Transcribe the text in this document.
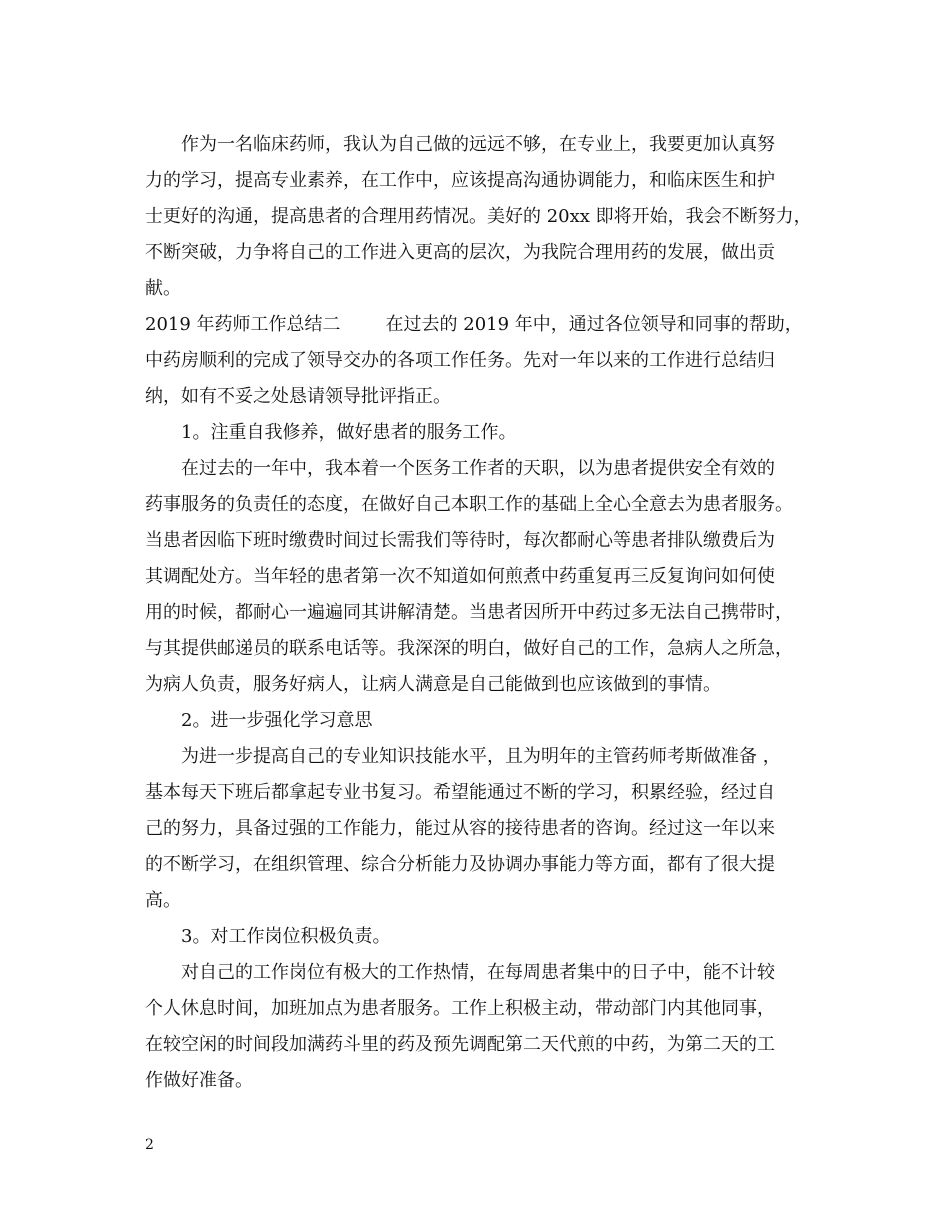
作为一名临床药师，我认为自己做的远远不够，在专业上，我要更加认真努
力的学习，提高专业素养，在工作中，应该提高沟通协调能力，和临床医生和护
士更好的沟通，提高患者的合理用药情况。美好的 20xx 即将开始，我会不断努力，
不断突破，力争将自己的工作进入更高的层次，为我院合理用药的发展，做出贡
献。
2019 年药师工作总结二	在过去的 2019 年中，通过各位领导和同事的帮助，
中药房顺利的完成了领导交办的各项工作任务。先对一年以来的工作进行总结归
纳，如有不妥之处恳请领导批评指正。
1。注重自我修养，做好患者的服务工作。
在过去的一年中，我本着一个医务工作者的天职，以为患者提供安全有效的
药事服务的负责任的态度，在做好自己本职工作的基础上全心全意去为患者服务。
当患者因临下班时缴费时间过长需我们等待时，每次都耐心等患者排队缴费后为
其调配处方。当年轻的患者第一次不知道如何煎煮中药重复再三反复询问如何使
用的时候，都耐心一遍遍同其讲解清楚。当患者因所开中药过多无法自己携带时，
与其提供邮递员的联系电话等。我深深的明白，做好自己的工作，急病人之所急，
为病人负责，服务好病人，让病人满意是自己能做到也应该做到的事情。
2。进一步强化学习意思
为进一步提高自己的专业知识技能水平，且为明年的主管药师考斯做准备 ，
基本每天下班后都拿起专业书复习。希望能通过不断的学习，积累经验，经过自
己的努力，具备过强的工作能力，能过从容的接待患者的咨询。经过这一年以来
的不断学习，在组织管理、综合分析能力及协调办事能力等方面，都有了很大提
高。
3。对工作岗位积极负责。
对自己的工作岗位有极大的工作热情，在每周患者集中的日子中，能不计较
个人休息时间，加班加点为患者服务。工作上积极主动，带动部门内其他同事，
在较空闲的时间段加满药斗里的药及预先调配第二天代煎的中药，为第二天的工
作做好准备。
2
